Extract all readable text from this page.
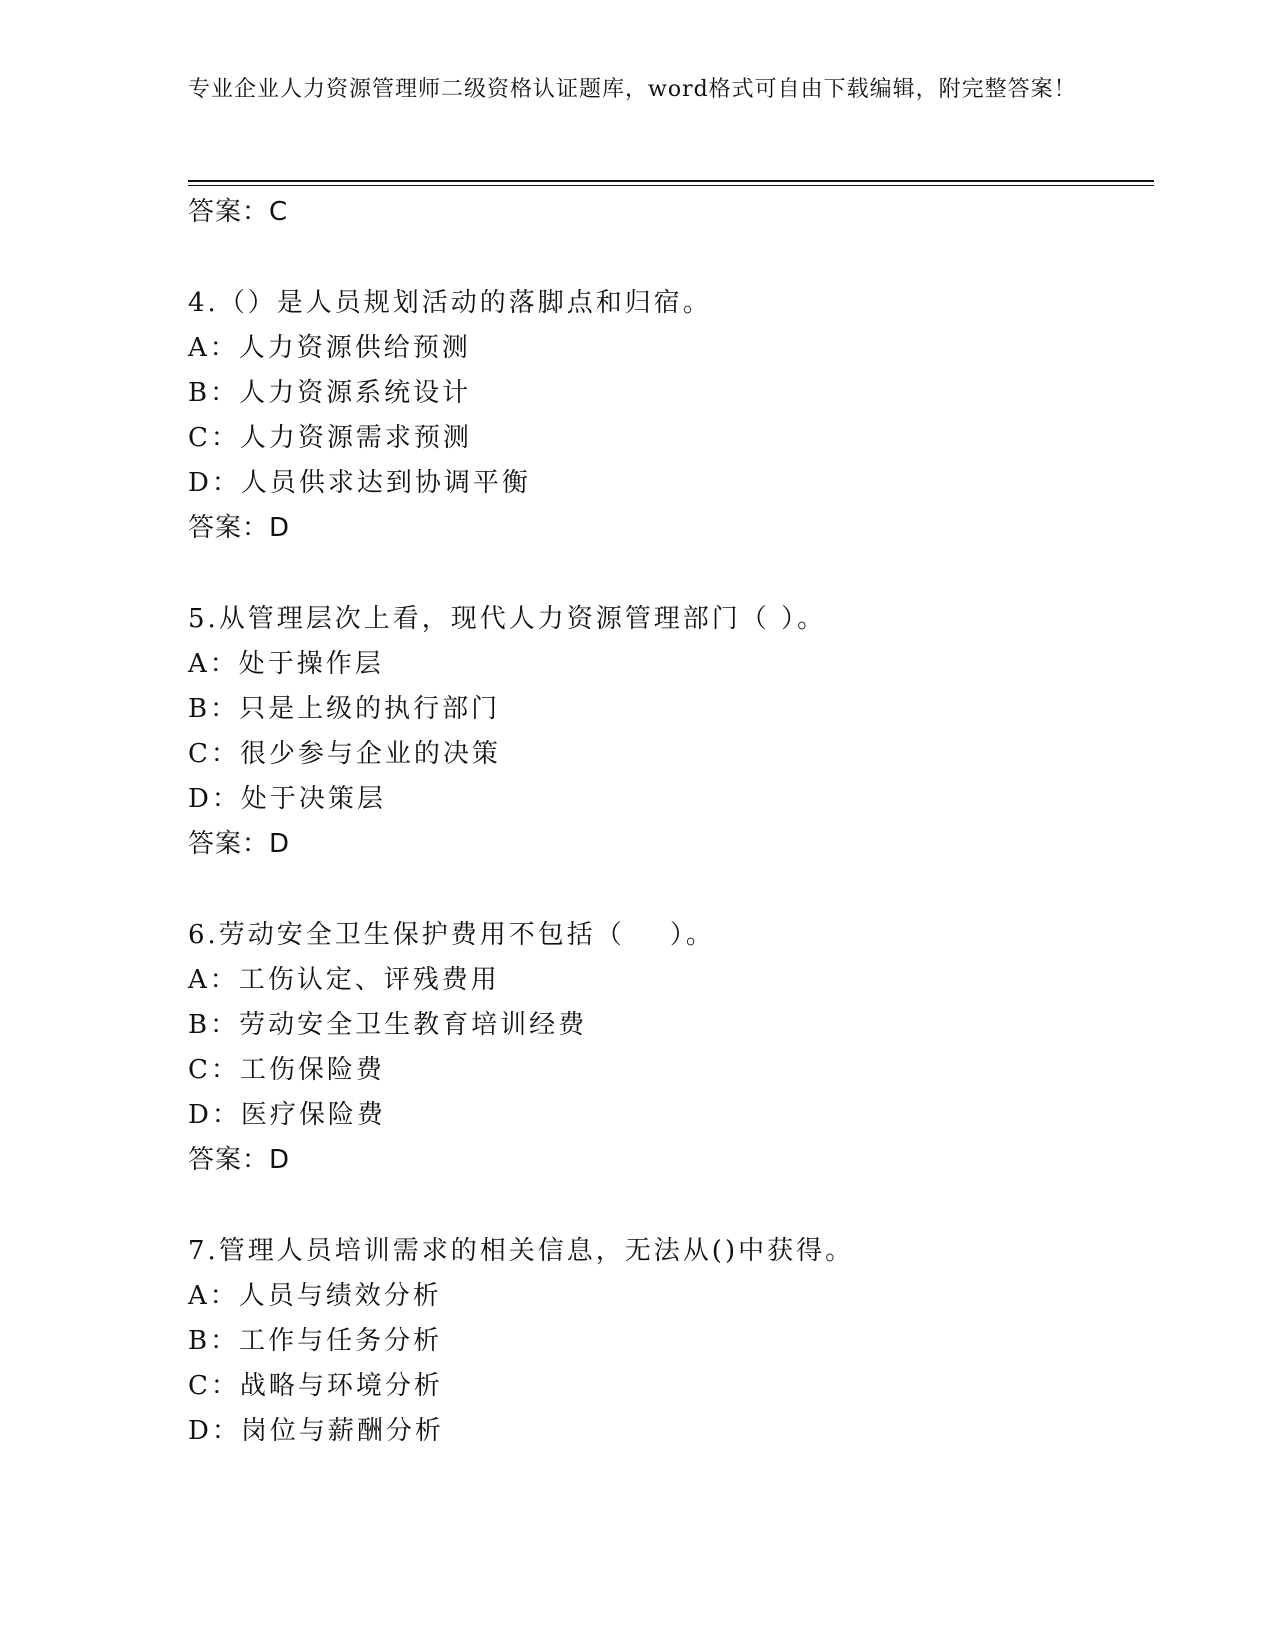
专业企业人力资源管理师二级资格认证题库，word格式可自由下载编辑，附完整答案！
答案：C
4.（）是人员规划活动的落脚点和归宿。
A：人力资源供给预测
B：人力资源系统设计
C：人力资源需求预测
D：人员供求达到协调平衡
答案：D
5.从管理层次上看，现代人力资源管理部门（ ）。
A：处于操作层
B：只是上级的执行部门
C：很少参与企业的决策
D：处于决策层
答案：D
6.劳动安全卫生保护费用不包括（    ）。
A：工伤认定、评残费用
B：劳动安全卫生教育培训经费
C：工伤保险费
D：医疗保险费
答案：D
7.管理人员培训需求的相关信息，无法从()中获得。
A：人员与绩效分析
B：工作与任务分析
C：战略与环境分析
D：岗位与薪酬分析
